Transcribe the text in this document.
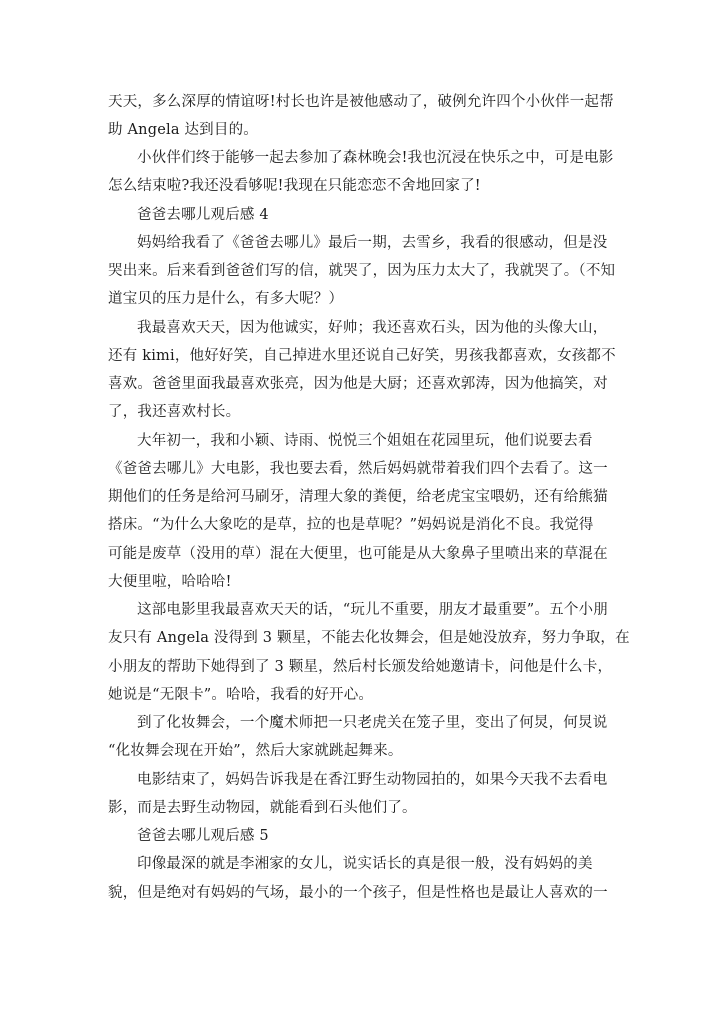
天天，多么深厚的情谊呀!村长也许是被他感动了，破例允许四个小伙伴一起帮
助 Angela 达到目的。
小伙伴们终于能够一起去参加了森林晚会!我也沉浸在快乐之中，可是电影
怎么结束啦?我还没看够呢!我现在只能恋恋不舍地回家了!
爸爸去哪儿观后感 4
妈妈给我看了《爸爸去哪儿》最后一期，去雪乡，我看的很感动，但是没
哭出来。后来看到爸爸们写的信，就哭了，因为压力太大了，我就哭了。（不知
道宝贝的压力是什么，有多大呢？）
我最喜欢天天，因为他诚实，好帅；我还喜欢石头，因为他的头像大山，
还有 kimi，他好好笑，自己掉进水里还说自己好笑，男孩我都喜欢，女孩都不
喜欢。爸爸里面我最喜欢张亮，因为他是大厨；还喜欢郭涛，因为他搞笑，对
了，我还喜欢村长。
大年初一，我和小颖、诗雨、悦悦三个姐姐在花园里玩，他们说要去看
《爸爸去哪儿》大电影，我也要去看，然后妈妈就带着我们四个去看了。这一
期他们的任务是给河马刷牙，清理大象的粪便，给老虎宝宝喂奶，还有给熊猫
搭床。“为什么大象吃的是草，拉的也是草呢？”妈妈说是消化不良。我觉得
可能是废草（没用的草）混在大便里，也可能是从大象鼻子里喷出来的草混在
大便里啦，哈哈哈!
这部电影里我最喜欢天天的话，“玩儿不重要，朋友才最重要”。五个小朋
友只有 Angela 没得到 3 颗星，不能去化妆舞会，但是她没放弃，努力争取，在
小朋友的帮助下她得到了 3 颗星，然后村长颁发给她邀请卡，问他是什么卡，
她说是“无限卡”。哈哈，我看的好开心。
到了化妆舞会，一个魔术师把一只老虎关在笼子里，变出了何炅，何炅说
“化妆舞会现在开始”，然后大家就跳起舞来。
电影结束了，妈妈告诉我是在香江野生动物园拍的，如果今天我不去看电
影，而是去野生动物园，就能看到石头他们了。
爸爸去哪儿观后感 5
印像最深的就是李湘家的女儿，说实话长的真是很一般，没有妈妈的美
貌，但是绝对有妈妈的气场，最小的一个孩子，但是性格也是最让人喜欢的一
